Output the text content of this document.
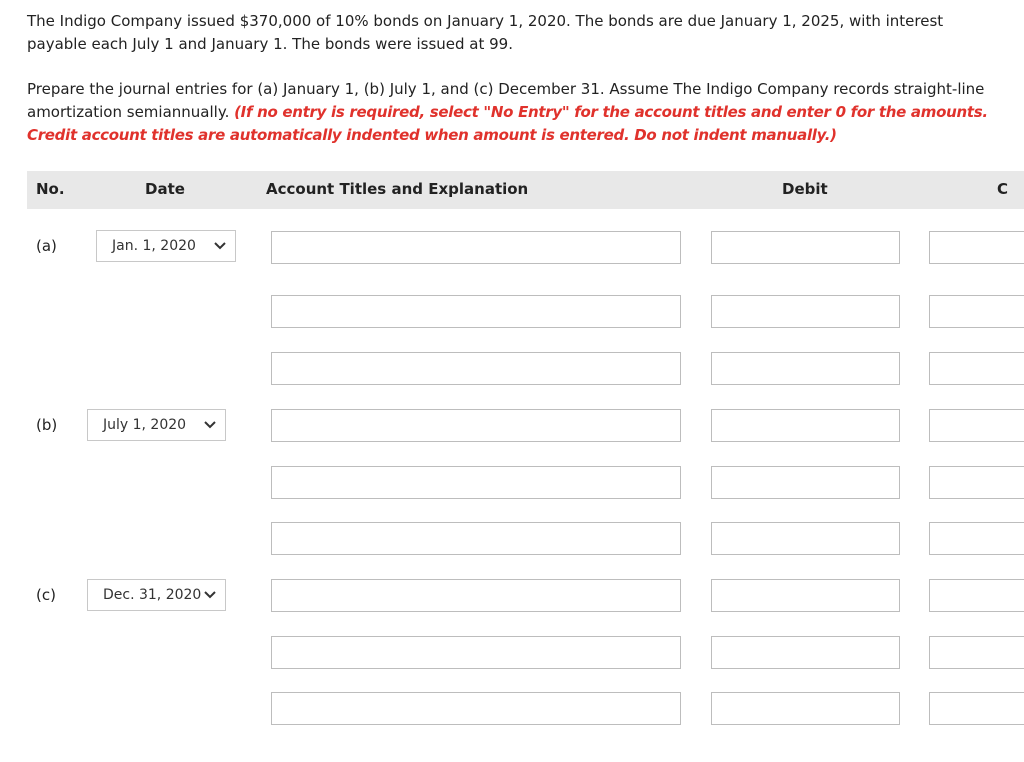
The Indigo Company issued $370,000 of 10% bonds on January 1, 2020. The bonds are due January 1, 2025, with interest payable each July 1 and January 1. The bonds were issued at 99.

Prepare the journal entries for (a) January 1, (b) July 1, and (c) December 31. Assume The Indigo Company records straight-line amortization semiannually. (If no entry is required, select "No Entry" for the account titles and enter 0 for the amounts. Credit account titles are automatically indented when amount is entered. Do not indent manually.)

No.	Date	Account Titles and Explanation	Debit	C
(a)	Jan. 1, 2020
(b)	July 1, 2020
(c)	Dec. 31, 2020
